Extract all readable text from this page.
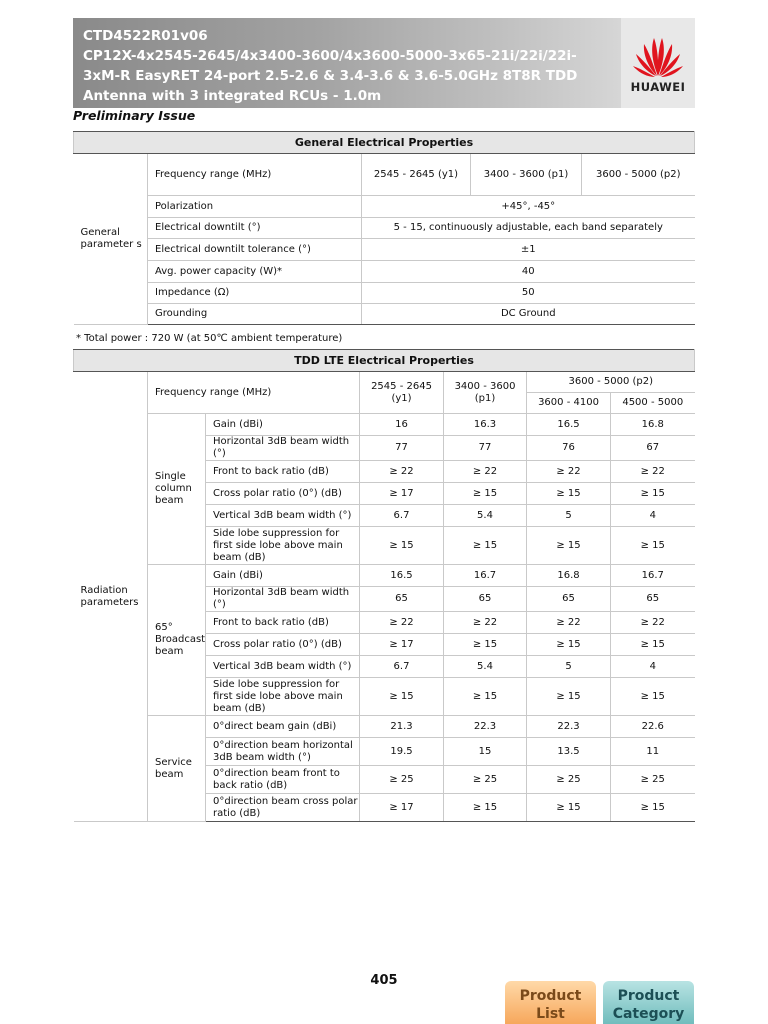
CTD4522R01v06
CP12X-4x2545-2645/4x3400-3600/4x3600-5000-3x65-21i/22i/22i-
3xM-R EasyRET 24-port 2.5-2.6 & 3.4-3.6 & 3.6-5.0GHz 8T8R TDD
Antenna with 3 integrated RCUs - 1.0m
HUAWEI
Preliminary Issue
General Electrical Properties				
General parameter s	Frequency range (MHz)	2545 - 2645 (y1)	3400 - 3600 (p1)	3600 - 5000 (p2)
	Polarization	+45°, -45°		
	Electrical downtilt (°)	5 - 15, continuously adjustable, each band separately		
	Electrical downtilt tolerance (°)	±1		
	Avg. power capacity (W)*	40		
	Impedance (Ω)	50		
	Grounding	DC Ground		
* Total power : 720 W (at 50℃ ambient temperature)
TDD LTE Electrical Properties						
Radiation parameters	Frequency range (MHz)		2545 - 2645 (y1)	3400 - 3600 (p1)	3600 - 5000 (p2)	
					3600 - 4100	4500 - 5000
	Single column beam	Gain (dBi)	16	16.3	16.5	16.8
		Horizontal 3dB beam width (°)	77	77	76	67
		Front to back ratio (dB)	≥ 22	≥ 22	≥ 22	≥ 22
		Cross polar ratio (0°) (dB)	≥ 17	≥ 15	≥ 15	≥ 15
		Vertical 3dB beam width (°)	6.7	5.4	5	4
		Side lobe suppression for first side lobe above main beam (dB)	≥ 15	≥ 15	≥ 15	≥ 15
	65° Broadcast beam	Gain (dBi)	16.5	16.7	16.8	16.7
		Horizontal 3dB beam width (°)	65	65	65	65
		Front to back ratio (dB)	≥ 22	≥ 22	≥ 22	≥ 22
		Cross polar ratio (0°) (dB)	≥ 17	≥ 15	≥ 15	≥ 15
		Vertical 3dB beam width (°)	6.7	5.4	5	4
		Side lobe suppression for first side lobe above main beam (dB)	≥ 15	≥ 15	≥ 15	≥ 15
	Service beam	0°direct beam gain (dBi)	21.3	22.3	22.3	22.6
		0°direction beam horizontal 3dB beam width (°)	19.5	15	13.5	11
		0°direction beam front to back ratio (dB)	≥ 25	≥ 25	≥ 25	≥ 25
		0°direction beam cross polar ratio (dB)	≥ 17	≥ 15	≥ 15	≥ 15
405
Product List
Product Category
